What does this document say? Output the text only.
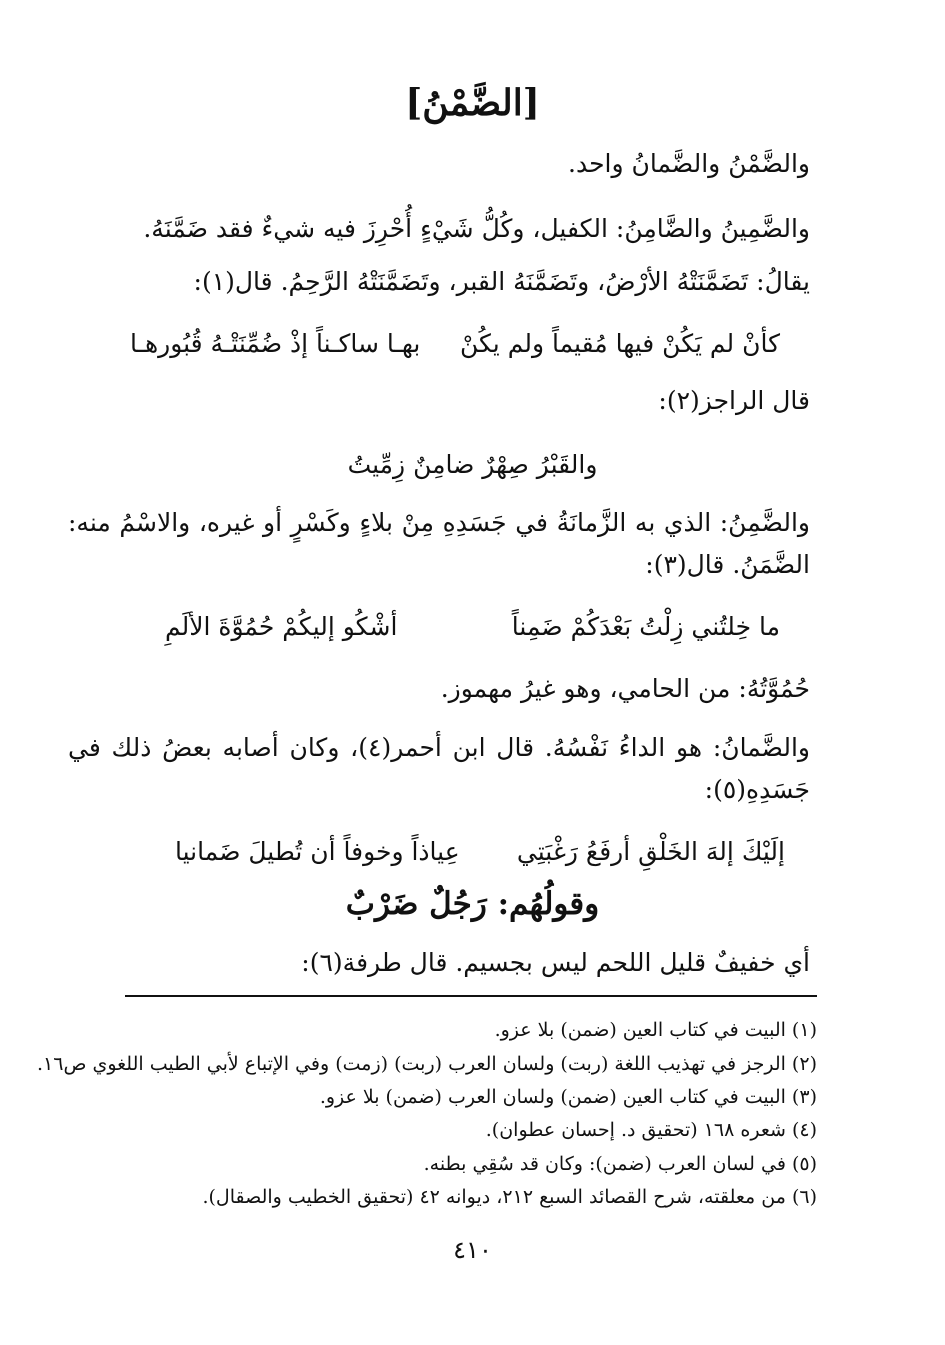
[الضَّمْنُ]
والضَّمْنُ والضَّمانُ واحد.
والضَّمِينُ والضَّامِنُ: الكفيل، وكُلُّ شَيْءٍ أُحْرِزَ فيه شيءٌ فقد ضَمَّنَهُ.
يقالُ: تَضَمَّنَتْهُ الأرْضُ، وتَضَمَّنَهُ القبر، وتَضَمَّنَتْهُ الرَّحِمُ. قال(١):
كأنْ لم يَكُنْ فيها مُقيماً ولم يكُنْ
بهـا ساكـناً إذْ ضُمِّنَتْـهُ قُبُورهـا
قال الراجز(٢):
والقَبْرُ صِهْرٌ ضامِنٌ زِمِّيتُ
والضَّمِنُ: الذي به الزَّمانَةُ في جَسَدِهِ مِنْ بلاءٍ وكَسْرٍ أو غيره، والاسْمُ منه:
الضَّمَنُ. قال(٣):
ما خِلتُني زِلْتُ بَعْدَكُمْ ضَمِناً
أشْكُو إليكُمْ حُمُوَّةَ الألَمِ
حُمُوَّتُهُ: من الحامي، وهو غيرُ مهموز.
والضَّمانُ: هو الداءُ نَفْسُهُ. قال ابن أحمر(٤)، وكان أصابه بعضُ ذلك في
جَسَدِهِ(٥):
إلَيْكَ إلهَ الخَلْقِ أرفَعُ رَغْبَتِي
عِياذاً وخوفاً أن تُطيلَ ضَمانيا
وقولُهُم: رَجُلٌ ضَرْبٌ
أي خفيفٌ قليل اللحم ليس بجسيم. قال طرفة(٦):
(١) البيت في كتاب العين (ضمن) بلا عزو.
(٢) الرجز في تهذيب اللغة (ربت) ولسان العرب (ربت) (زمت) وفي الإتباع لأبي الطيب اللغوي ص١٦.
(٣) البيت في كتاب العين (ضمن) ولسان العرب (ضمن) بلا عزو.
(٤) شعره ١٦٨ (تحقيق د. إحسان عطوان).
(٥) في لسان العرب (ضمن): وكان قد سُقِي بطنه.
(٦) من معلقته، شرح القصائد السبع ٢١٢، ديوانه ٤٢ (تحقيق الخطيب والصقال).
٤١٠
